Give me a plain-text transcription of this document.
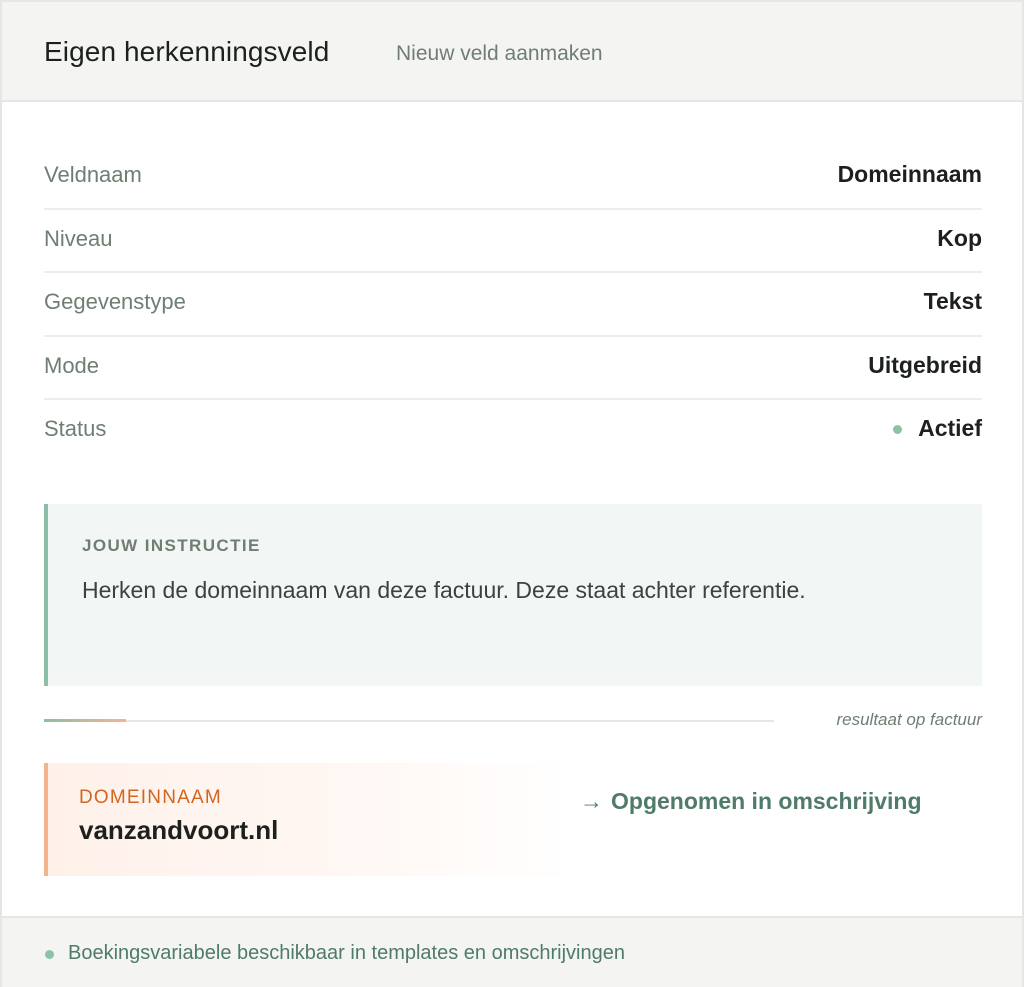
Eigen herkenningsveld	Nieuw veld aanmaken
Veldnaam	Domeinnaam
Niveau	Kop
Gegevenstype	Tekst
Mode	Uitgebreid
Status	Actief
JOUW INSTRUCTIE
Herken de domeinnaam van deze factuur. Deze staat achter referentie.
resultaat op factuur
DOMEINNAAM
vanzandvoort.nl
→ Opgenomen in omschrijving
Boekingsvariabele beschikbaar in templates en omschrijvingen
